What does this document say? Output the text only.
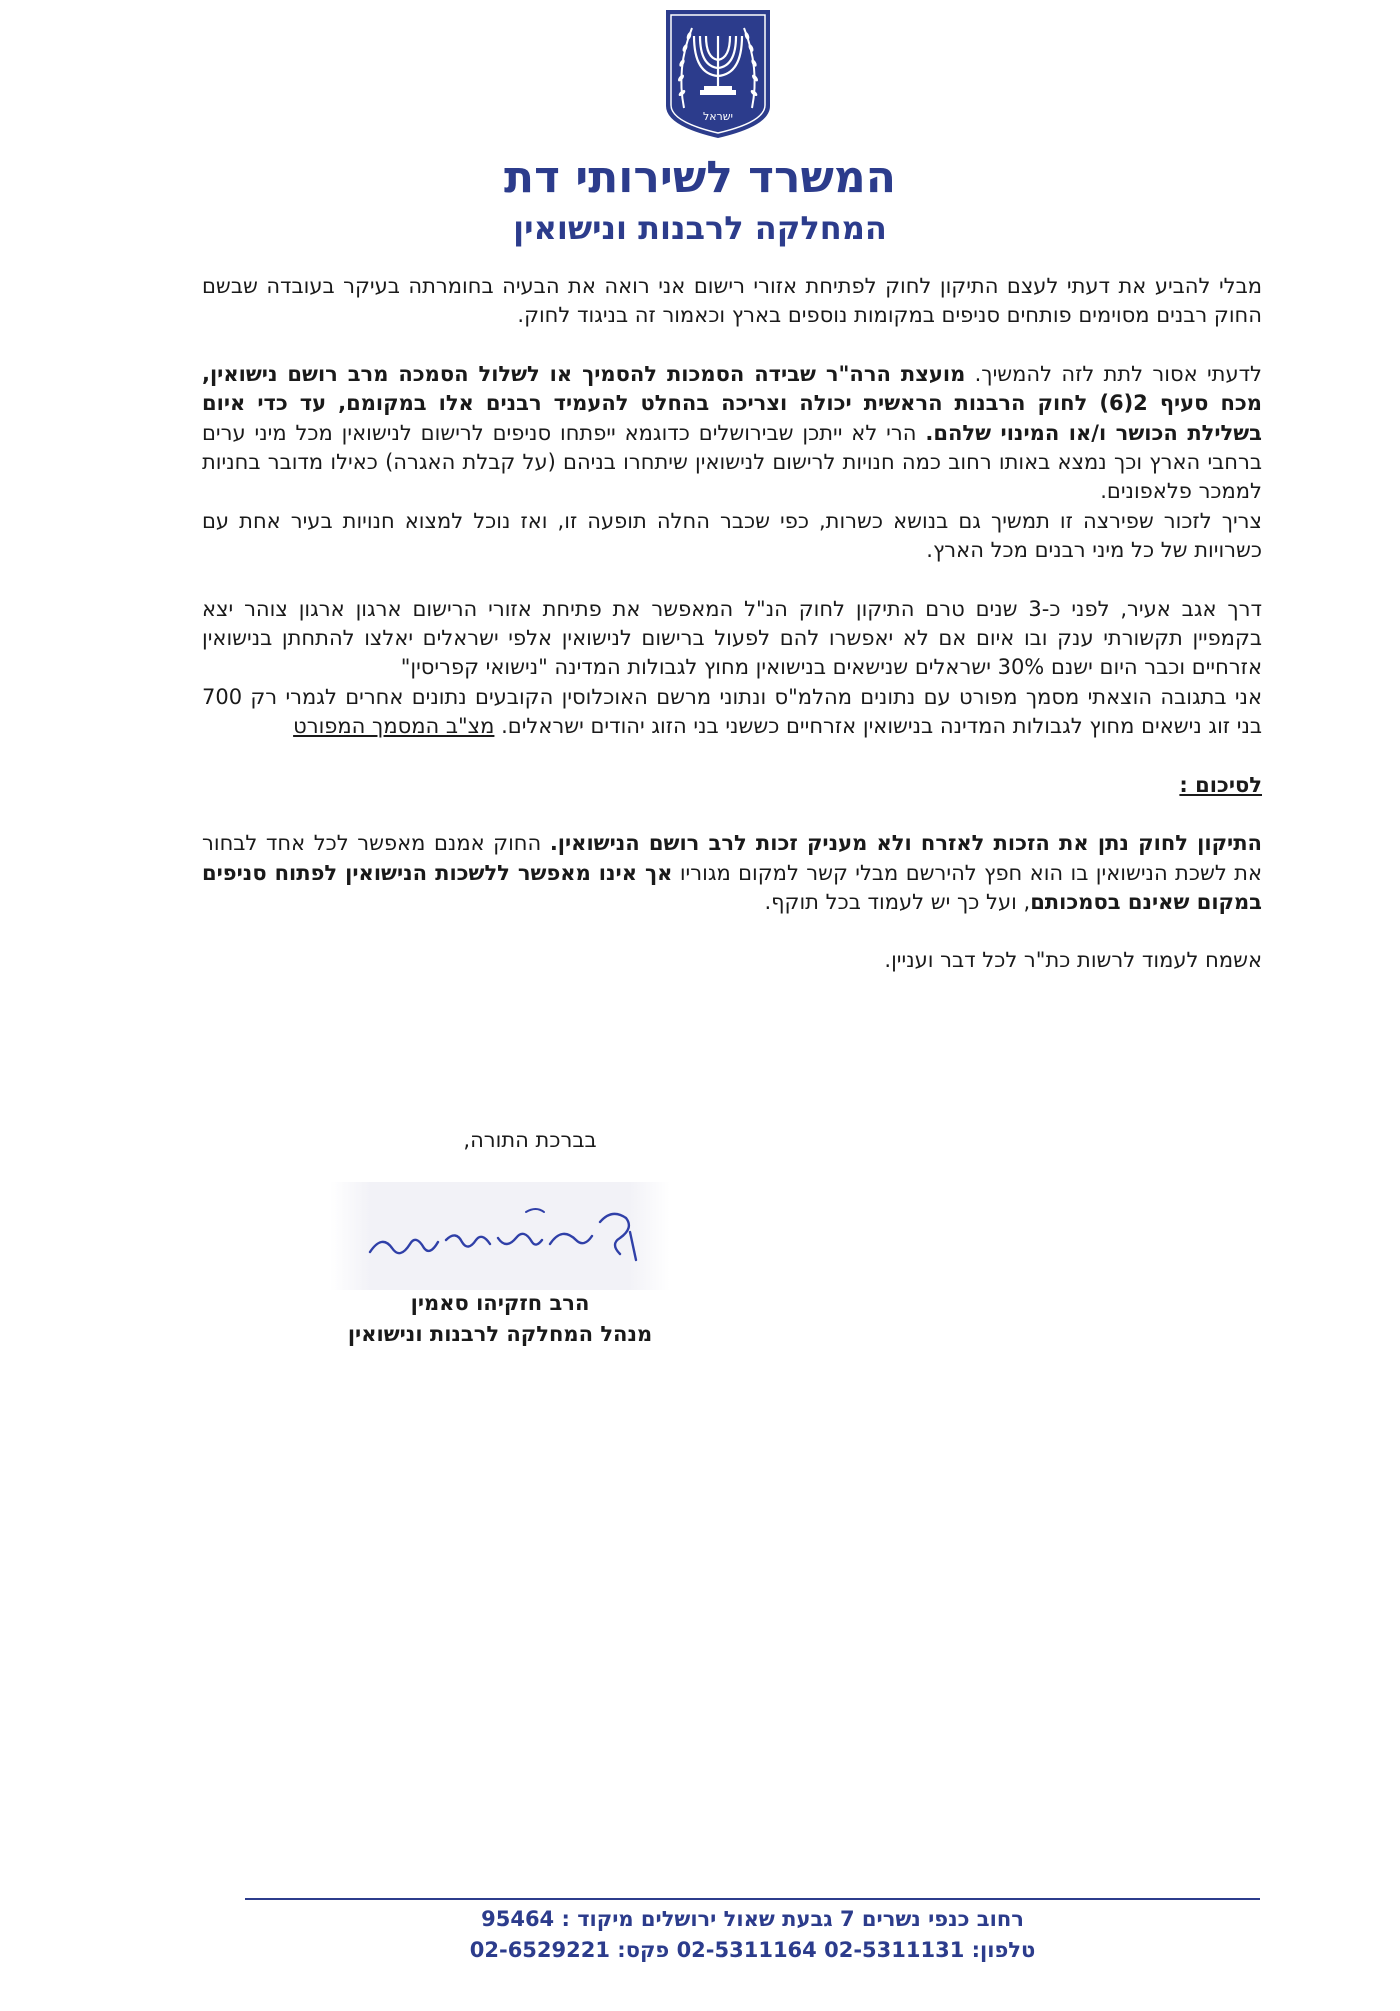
ישראל
המשרד לשירותי דת
המחלקה לרבנות ונישואין

מבלי להביע את דעתי לעצם התיקון לחוק לפתיחת אזורי רישום אני רואה את הבעיה בחומרתה בעיקר בעובדה שבשם החוק רבנים מסוימים פותחים סניפים במקומות נוספים בארץ וכאמור זה בניגוד לחוק.

לדעתי אסור לתת לזה להמשיך. מועצת הרה"ר שבידה הסמכות להסמיך או לשלול הסמכה מרב רושם נישואין, מכח סעיף 2(6) לחוק הרבנות הראשית יכולה וצריכה בהחלט להעמיד רבנים אלו במקומם, עד כדי איום בשלילת הכושר ו/או המינוי שלהם. הרי לא ייתכן שבירושלים כדוגמא ייפתחו סניפים לרישום לנישואין מכל מיני ערים ברחבי הארץ וכך נמצא באותו רחוב כמה חנויות לרישום לנישואין שיתחרו בניהם (על קבלת האגרה) כאילו מדובר בחניות לממכר פלאפונים.

צריך לזכור שפירצה זו תמשיך גם בנושא כשרות, כפי שכבר החלה תופעה זו, ואז נוכל למצוא חנויות בעיר אחת עם כשרויות של כל מיני רבנים מכל הארץ.

דרך אגב אעיר, לפני כ-3 שנים טרם התיקון לחוק הנ"ל המאפשר את פתיחת אזורי הרישום ארגון ארגון צוהר יצא בקמפיין תקשורתי ענק ובו איום אם לא יאפשרו להם לפעול ברישום לנישואין אלפי ישראלים יאלצו להתחתן בנישואין אזרחיים וכבר היום ישנם 30% ישראלים שנישאים בנישואין מחוץ לגבולות המדינה "נישואי קפריסין"

אני בתגובה הוצאתי מסמך מפורט עם נתונים מהלמ"ס ונתוני מרשם האוכלוסין הקובעים נתונים אחרים לגמרי רק 700 בני זוג נישאים מחוץ לגבולות המדינה בנישואין אזרחיים כששני בני הזוג יהודים ישראלים. מצ"ב המסמך המפורט

לסיכום :

התיקון לחוק נתן את הזכות לאזרח ולא מעניק זכות לרב רושם הנישואין. החוק אמנם מאפשר לכל אחד לבחור את לשכת הנישואין בו הוא חפץ להירשם מבלי קשר למקום מגוריו אך אינו מאפשר ללשכות הנישואין לפתוח סניפים במקום שאינם בסמכותם, ועל כך יש לעמוד בכל תוקף.

אשמח לעמוד לרשות כת"ר לכל דבר ועניין.

בברכת התורה,
הרב חזקיהו סאמין
מנהל המחלקה לרבנות ונישואין
רחוב כנפי נשרים 7 גבעת שאול ירושלים מיקוד : 95464
טלפון: 02-5311131 02-5311164 פקס: 02-6529221
